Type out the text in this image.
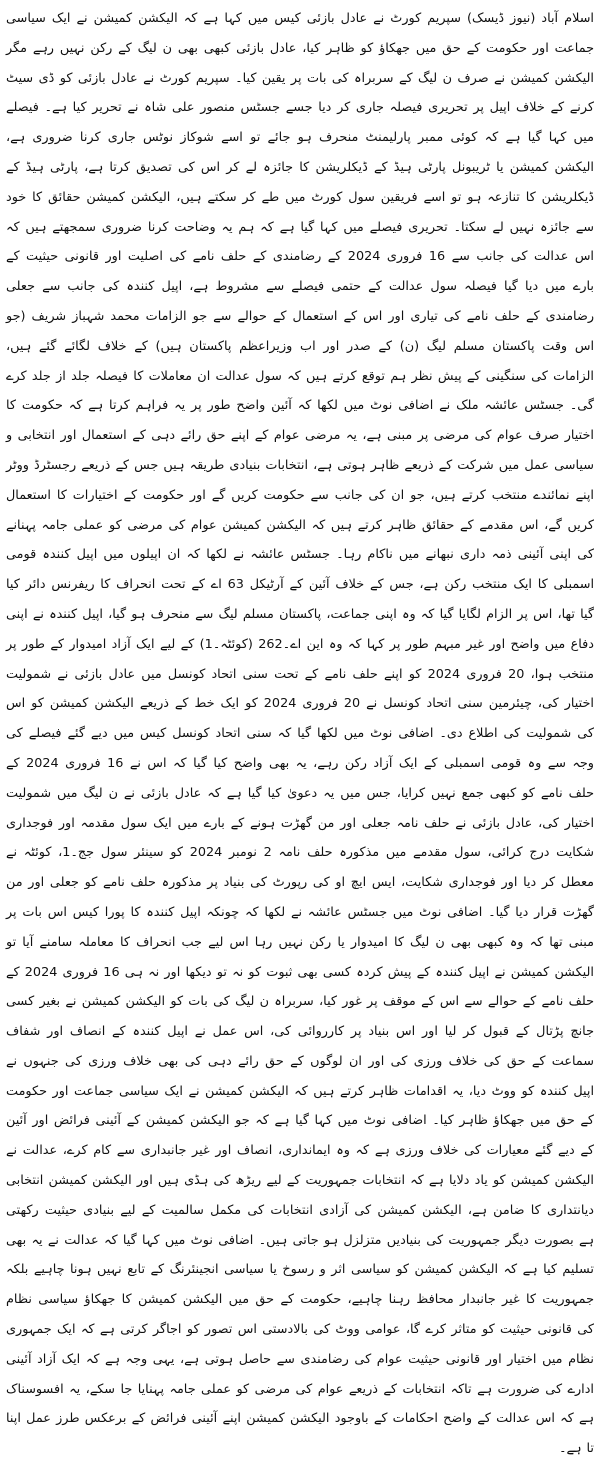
اسلام آباد (نیوز ڈیسک) سپریم کورٹ نے عادل بازئی کیس میں کہا ہے کہ الیکشن کمیشن نے ایک سیاسی جماعت اور حکومت کے حق میں جھکاؤ کو ظاہر کیا، عادل بازئی کبھی بھی ن لیگ کے رکن نہیں رہے مگر الیکشن کمیشن نے صرف ن لیگ کے سربراہ کی بات پر یقین کیا۔ سپریم کورٹ نے عادل بازئی کو ڈی سیٹ کرنے کے خلاف اپیل پر تحریری فیصلہ جاری کر دیا جسے جسٹس منصور علی شاہ نے تحریر کیا ہے۔ فیصلے میں کہا گیا ہے کہ کوئی ممبر پارلیمنٹ منحرف ہو جائے تو اسے شوکاز نوٹس جاری کرنا ضروری ہے، الیکشن کمیشن یا ٹریبونل پارٹی ہیڈ کے ڈیکلریشن کا جائزہ لے کر اس کی تصدیق کرتا ہے، پارٹی ہیڈ کے ڈیکلریشن کا تنازعہ ہو تو اسے فریقین سول کورٹ میں طے کر سکتے ہیں، الیکشن کمیشن حقائق کا خود سے جائزہ نہیں لے سکتا۔ تحریری فیصلے میں کہا گیا ہے کہ ہم یہ وضاحت کرنا ضروری سمجھتے ہیں کہ اس عدالت کی جانب سے 16 فروری 2024 کے رضامندی کے حلف نامے کی اصلیت اور قانونی حیثیت کے بارے میں دیا گیا فیصلہ سول عدالت کے حتمی فیصلے سے مشروط ہے، اپیل کنندہ کی جانب سے جعلی رضامندی کے حلف نامے کی تیاری اور اس کے استعمال کے حوالے سے جو الزامات محمد شہباز شریف (جو اس وقت پاکستان مسلم لیگ (ن) کے صدر اور اب وزیراعظم پاکستان ہیں) کے خلاف لگائے گئے ہیں، الزامات کی سنگینی کے پیش نظر ہم توقع کرتے ہیں کہ سول عدالت ان معاملات کا فیصلہ جلد از جلد کرے گی۔ جسٹس عائشہ ملک نے اضافی نوٹ میں لکھا کہ آئین واضح طور پر یہ فراہم کرتا ہے کہ حکومت کا اختیار صرف عوام کی مرضی پر مبنی ہے، یہ مرضی عوام کے اپنے حق رائے دہی کے استعمال اور انتخابی و سیاسی عمل میں شرکت کے ذریعے ظاہر ہوتی ہے، انتخابات بنیادی طریقہ ہیں جس کے ذریعے رجسٹرڈ ووٹر اپنے نمائندے منتخب کرتے ہیں، جو ان کی جانب سے حکومت کریں گے اور حکومت کے اختیارات کا استعمال کریں گے، اس مقدمے کے حقائق ظاہر کرتے ہیں کہ الیکشن کمیشن عوام کی مرضی کو عملی جامہ پہنانے کی اپنی آئینی ذمہ داری نبھانے میں ناکام رہا۔ جسٹس عائشہ نے لکھا کہ ان اپیلوں میں اپیل کنندہ قومی اسمبلی کا ایک منتخب رکن ہے، جس کے خلاف آئین کے آرٹیکل 63 اے کے تحت انحراف کا ریفرنس دائر کیا گیا تھا، اس پر الزام لگایا گیا کہ وہ اپنی جماعت، پاکستان مسلم لیگ سے منحرف ہو گیا، اپیل کنندہ نے اپنی دفاع میں واضح اور غیر مبہم طور پر کہا کہ وہ این اے۔262 (کوئٹہ۔1) کے لیے ایک آزاد امیدوار کے طور پر منتخب ہوا، 20 فروری 2024 کو اپنے حلف نامے کے تحت سنی اتحاد کونسل میں عادل بازئی نے شمولیت اختیار کی، چیئرمین سنی اتحاد کونسل نے 20 فروری 2024 کو ایک خط کے ذریعے الیکشن کمیشن کو اس کی شمولیت کی اطلاع دی۔ اضافی نوٹ میں لکھا گیا کہ سنی اتحاد کونسل کیس میں دیے گئے فیصلے کی وجہ سے وہ قومی اسمبلی کے ایک آزاد رکن رہے، یہ بھی واضح کیا گیا کہ اس نے 16 فروری 2024 کے حلف نامے کو کبھی جمع نہیں کرایا، جس میں یہ دعویٰ کیا گیا ہے کہ عادل بازئی نے ن لیگ میں شمولیت اختیار کی، عادل بازئی نے حلف نامہ جعلی اور من گھڑت ہونے کے بارے میں ایک سول مقدمہ اور فوجداری شکایت درج کرائی، سول مقدمے میں مذکورہ حلف نامہ 2 نومبر 2024 کو سینئر سول جج۔1، کوئٹہ نے معطل کر دیا اور فوجداری شکایت، ایس ایچ او کی رپورٹ کی بنیاد پر مذکورہ حلف نامے کو جعلی اور من گھڑت قرار دیا گیا۔ اضافی نوٹ میں جسٹس عائشہ نے لکھا کہ چونکہ اپیل کنندہ کا پورا کیس اس بات پر مبنی تھا کہ وہ کبھی بھی ن لیگ کا امیدوار یا رکن نہیں رہا اس لیے جب انحراف کا معاملہ سامنے آیا تو الیکشن کمیشن نے اپیل کنندہ کے پیش کردہ کسی بھی ثبوت کو نہ تو دیکھا اور نہ ہی 16 فروری 2024 کے حلف نامے کے حوالے سے اس کے موقف پر غور کیا، سربراہ ن لیگ کی بات کو الیکشن کمیشن نے بغیر کسی جانچ پڑتال کے قبول کر لیا اور اس بنیاد پر کارروائی کی، اس عمل نے اپیل کنندہ کے انصاف اور شفاف سماعت کے حق کی خلاف ورزی کی اور ان لوگوں کے حق رائے دہی کی بھی خلاف ورزی کی جنہوں نے اپیل کنندہ کو ووٹ دیا، یہ اقدامات ظاہر کرتے ہیں کہ الیکشن کمیشن نے ایک سیاسی جماعت اور حکومت کے حق میں جھکاؤ ظاہر کیا۔ اضافی نوٹ میں کہا گیا ہے کہ جو الیکشن کمیشن کے آئینی فرائض اور آئین کے دیے گئے معیارات کی خلاف ورزی ہے کہ وہ ایمانداری، انصاف اور غیر جانبداری سے کام کرے، عدالت نے الیکشن کمیشن کو یاد دلایا ہے کہ انتخابات جمہوریت کے لیے ریڑھ کی ہڈی ہیں اور الیکشن کمیشن انتخابی دیانتداری کا ضامن ہے، الیکشن کمیشن کی آزادی انتخابات کی مکمل سالمیت کے لیے بنیادی حیثیت رکھتی ہے بصورت دیگر جمہوریت کی بنیادیں متزلزل ہو جاتی ہیں۔ اضافی نوٹ میں کہا گیا کہ عدالت نے یہ بھی تسلیم کیا ہے کہ الیکشن کمیشن کو سیاسی اثر و رسوخ یا سیاسی انجینئرنگ کے تابع نہیں ہونا چاہیے بلکہ جمہوریت کا غیر جانبدار محافظ رہنا چاہیے، حکومت کے حق میں الیکشن کمیشن کا جھکاؤ سیاسی نظام کی قانونی حیثیت کو متاثر کرے گا، عوامی ووٹ کی بالادستی اس تصور کو اجاگر کرتی ہے کہ ایک جمہوری نظام میں اختیار اور قانونی حیثیت عوام کی رضامندی سے حاصل ہوتی ہے، یہی وجہ ہے کہ ایک آزاد آئینی ادارے کی ضرورت ہے تاکہ انتخابات کے ذریعے عوام کی مرضی کو عملی جامہ پہنایا جا سکے، یہ افسوسناک ہے کہ اس عدالت کے واضح احکامات کے باوجود الیکشن کمیشن اپنے آئینی فرائض کے برعکس طرز عمل اپنا تا ہے۔
